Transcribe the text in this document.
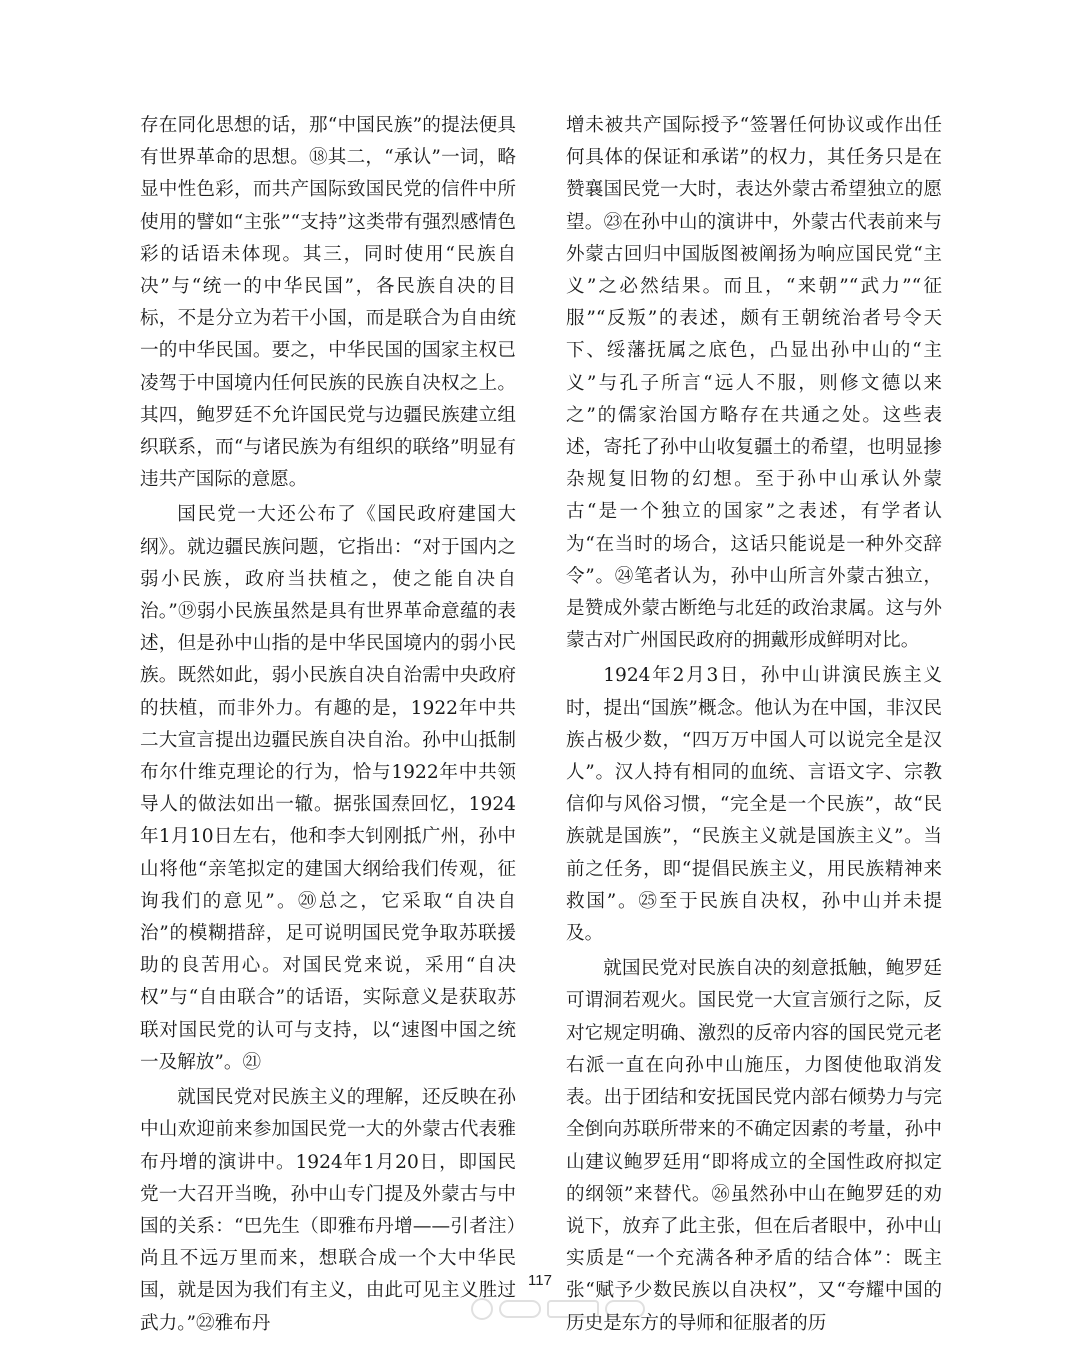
存在同化思想的话，那“中国民族”的提法便具有世界革命的思想。⑱其二，“承认”一词，略显中性色彩，而共产国际致国民党的信件中所使用的譬如“主张”“支持”这类带有强烈感情色彩的话语未体现。其三，同时使用“民族自决”与“统一的中华民国”，各民族自决的目标，不是分立为若干小国，而是联合为自由统一的中华民国。要之，中华民国的国家主权已凌驾于中国境内任何民族的民族自决权之上。其四，鲍罗廷不允许国民党与边疆民族建立组织联系，而“与诸民族为有组织的联络”明显有违共产国际的意愿。

国民党一大还公布了《国民政府建国大纲》。就边疆民族问题，它指出：“对于国内之弱小民族，政府当扶植之，使之能自决自治。”⑲弱小民族虽然是具有世界革命意蕴的表述，但是孙中山指的是中华民国境内的弱小民族。既然如此，弱小民族自决自治需中央政府的扶植，而非外力。有趣的是，1922年中共二大宣言提出边疆民族自决自治。孙中山抵制布尔什维克理论的行为，恰与1922年中共领导人的做法如出一辙。据张国焘回忆，1924年1月10日左右，他和李大钊刚抵广州，孙中山将他“亲笔拟定的建国大纲给我们传观，征询我们的意见”。⑳总之，它采取“自决自治”的模糊措辞，足可说明国民党争取苏联援助的良苦用心。对国民党来说，采用“自决权”与“自由联合”的话语，实际意义是获取苏联对国民党的认可与支持，以“速图中国之统一及解放”。㉑

就国民党对民族主义的理解，还反映在孙中山欢迎前来参加国民党一大的外蒙古代表雅布丹增的演讲中。1924年1月20日，即国民党一大召开当晚，孙中山专门提及外蒙古与中国的关系：“巴先生（即雅布丹增——引者注）尚且不远万里而来，想联合成一个大中华民国，就是因为我们有主义，由此可见主义胜过武力。”㉒雅布丹

增未被共产国际授予“签署任何协议或作出任何具体的保证和承诺”的权力，其任务只是在赞襄国民党一大时，表达外蒙古希望独立的愿望。㉓在孙中山的演讲中，外蒙古代表前来与外蒙古回归中国版图被阐扬为响应国民党“主义”之必然结果。而且，“来朝”“武力”“征服”“反叛”的表述，颇有王朝统治者号令天下、绥藩抚属之底色，凸显出孙中山的“主义”与孔子所言“远人不服，则修文德以来之”的儒家治国方略存在共通之处。这些表述，寄托了孙中山收复疆土的希望，也明显掺杂规复旧物的幻想。至于孙中山承认外蒙古“是一个独立的国家”之表述，有学者认为“在当时的场合，这话只能说是一种外交辞令”。㉔笔者认为，孙中山所言外蒙古独立，是赞成外蒙古断绝与北廷的政治隶属。这与外蒙古对广州国民政府的拥戴形成鲜明对比。

1924年2月3日，孙中山讲演民族主义时，提出“国族”概念。他认为在中国，非汉民族占极少数，“四万万中国人可以说完全是汉人”。汉人持有相同的血统、言语文字、宗教信仰与风俗习惯，“完全是一个民族”，故“民族就是国族”，“民族主义就是国族主义”。当前之任务，即“提倡民族主义，用民族精神来救国”。㉕至于民族自决权，孙中山并未提及。

就国民党对民族自决的刻意抵触，鲍罗廷可谓洞若观火。国民党一大宣言颁行之际，反对它规定明确、激烈的反帝内容的国民党元老右派一直在向孙中山施压，力图使他取消发表。出于团结和安抚国民党内部右倾势力与完全倒向苏联所带来的不确定因素的考量，孙中山建议鲍罗廷用“即将成立的全国性政府拟定的纲领”来替代。㉖虽然孙中山在鲍罗廷的劝说下，放弃了此主张，但在后者眼中，孙中山实质是“一个充满各种矛盾的结合体”：既主张“赋予少数民族以自决权”，又“夸耀中国的历史是东方的导师和征服者的历

117
